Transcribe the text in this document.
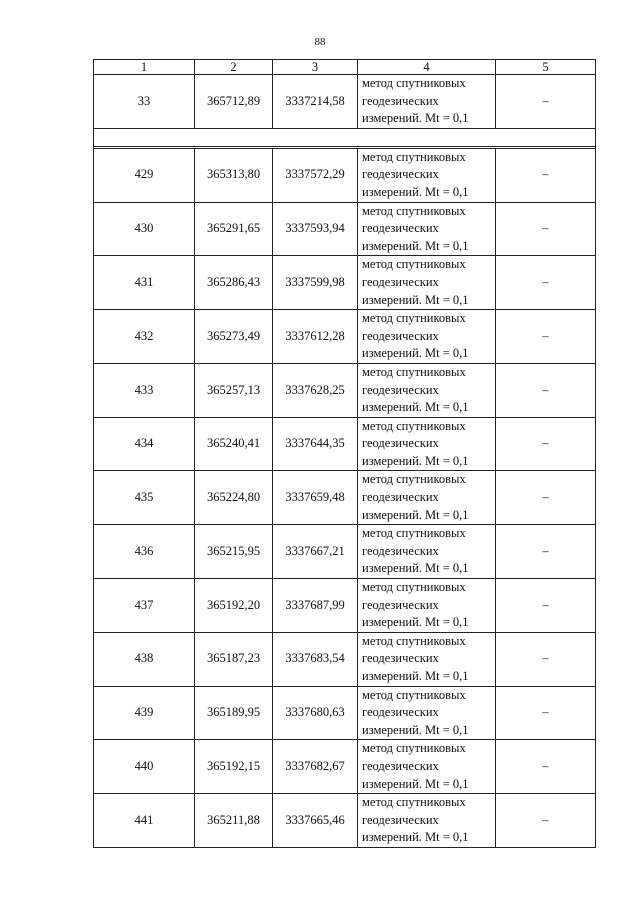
88
1	2	3	4	5
33	365712,89	3337214,58	метод спутниковых
геодезических
измерений. Mt = 0,1	–

429	365313,80	3337572,29	метод спутниковых
геодезических
измерений. Mt = 0,1	–
430	365291,65	3337593,94	метод спутниковых
геодезических
измерений. Mt = 0,1	–
431	365286,43	3337599,98	метод спутниковых
геодезических
измерений. Mt = 0,1	–
432	365273,49	3337612,28	метод спутниковых
геодезических
измерений. Mt = 0,1	–
433	365257,13	3337628,25	метод спутниковых
геодезических
измерений. Mt = 0,1	–
434	365240,41	3337644,35	метод спутниковых
геодезических
измерений. Mt = 0,1	–
435	365224,80	3337659,48	метод спутниковых
геодезических
измерений. Mt = 0,1	–
436	365215,95	3337667,21	метод спутниковых
геодезических
измерений. Mt = 0,1	–
437	365192,20	3337687,99	метод спутниковых
геодезических
измерений. Mt = 0,1	–
438	365187,23	3337683,54	метод спутниковых
геодезических
измерений. Mt = 0,1	–
439	365189,95	3337680,63	метод спутниковых
геодезических
измерений. Mt = 0,1	–
440	365192,15	3337682,67	метод спутниковых
геодезических
измерений. Mt = 0,1	–
441	365211,88	3337665,46	метод спутниковых
геодезических
измерений. Mt = 0,1	–
